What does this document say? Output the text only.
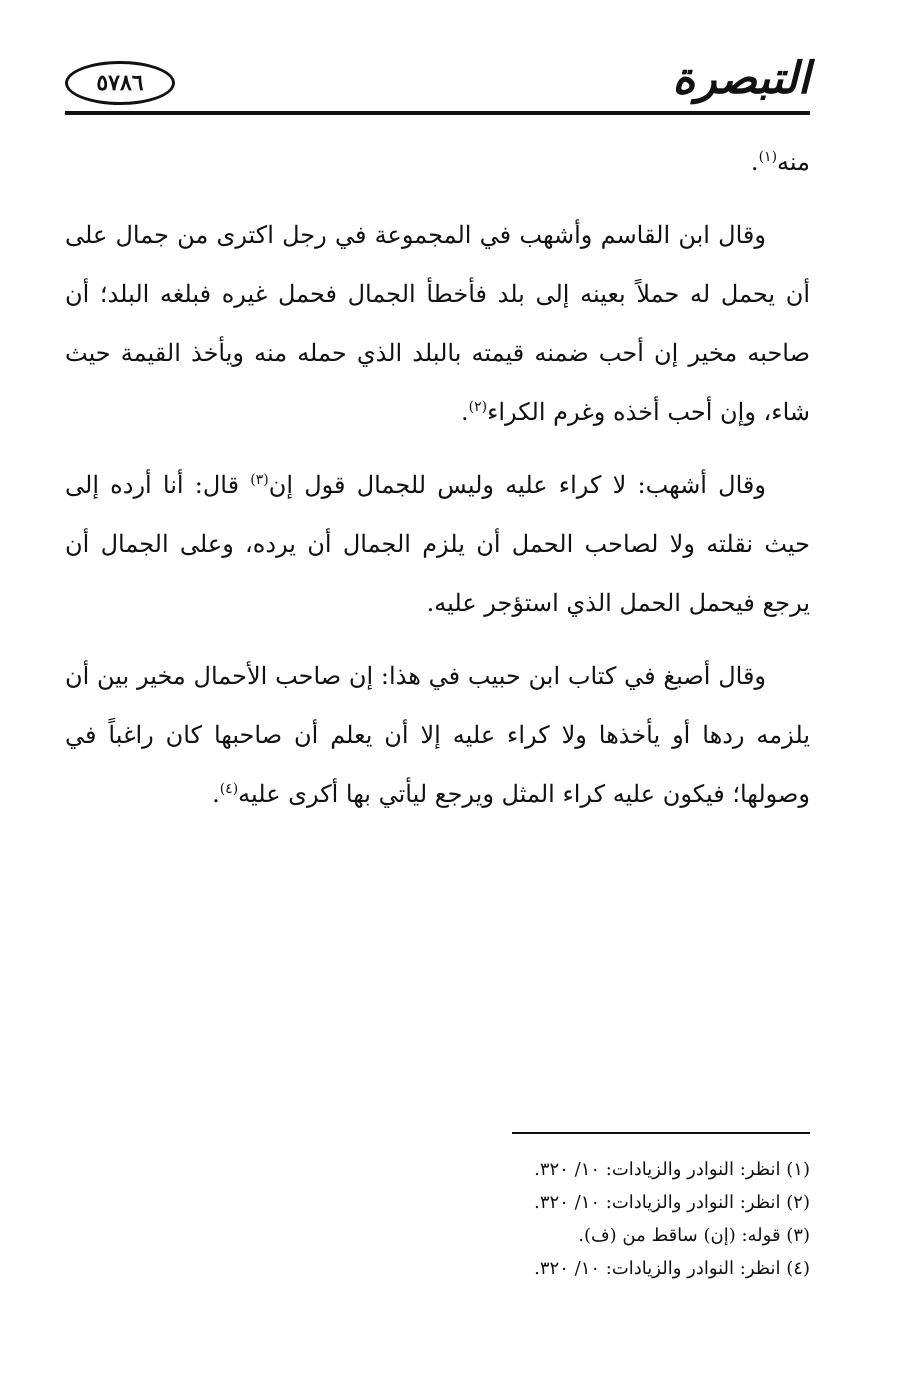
التبصرة
٥٧٨٦

منه$^{(١)}$.

وقال ابن القاسم وأشهب في المجموعة في رجل اكترى من جمال على أن يحمل له حملاً بعينه إلى بلد فأخطأ الجمال فحمل غيره فبلغه البلد؛ أن صاحبه مخير إن أحب ضمنه قيمته بالبلد الذي حمله منه ويأخذ القيمة حيث شاء، وإن أحب أخذه وغرم الكراء$^{(٢)}$.

وقال أشهب: لا كراء عليه وليس للجمال قول إن$^{(٣)}$ قال: أنا أرده إلى حيث نقلته ولا لصاحب الحمل أن يلزم الجمال أن يرده، وعلى الجمال أن يرجع فيحمل الحمل الذي استؤجر عليه.

وقال أصبغ في كتاب ابن حبيب في هذا: إن صاحب الأحمال مخير بين أن يلزمه ردها أو يأخذها ولا كراء عليه إلا أن يعلم أن صاحبها كان راغباً في وصولها؛ فيكون عليه كراء المثل ويرجع ليأتي بها أكرى عليه$^{(٤)}$.

(١) انظر: النوادر والزيادات: ١٠/ ٣٢٠.
(٢) انظر: النوادر والزيادات: ١٠/ ٣٢٠.
(٣) قوله: (إن) ساقط من (ف).
(٤) انظر: النوادر والزيادات: ١٠/ ٣٢٠.
